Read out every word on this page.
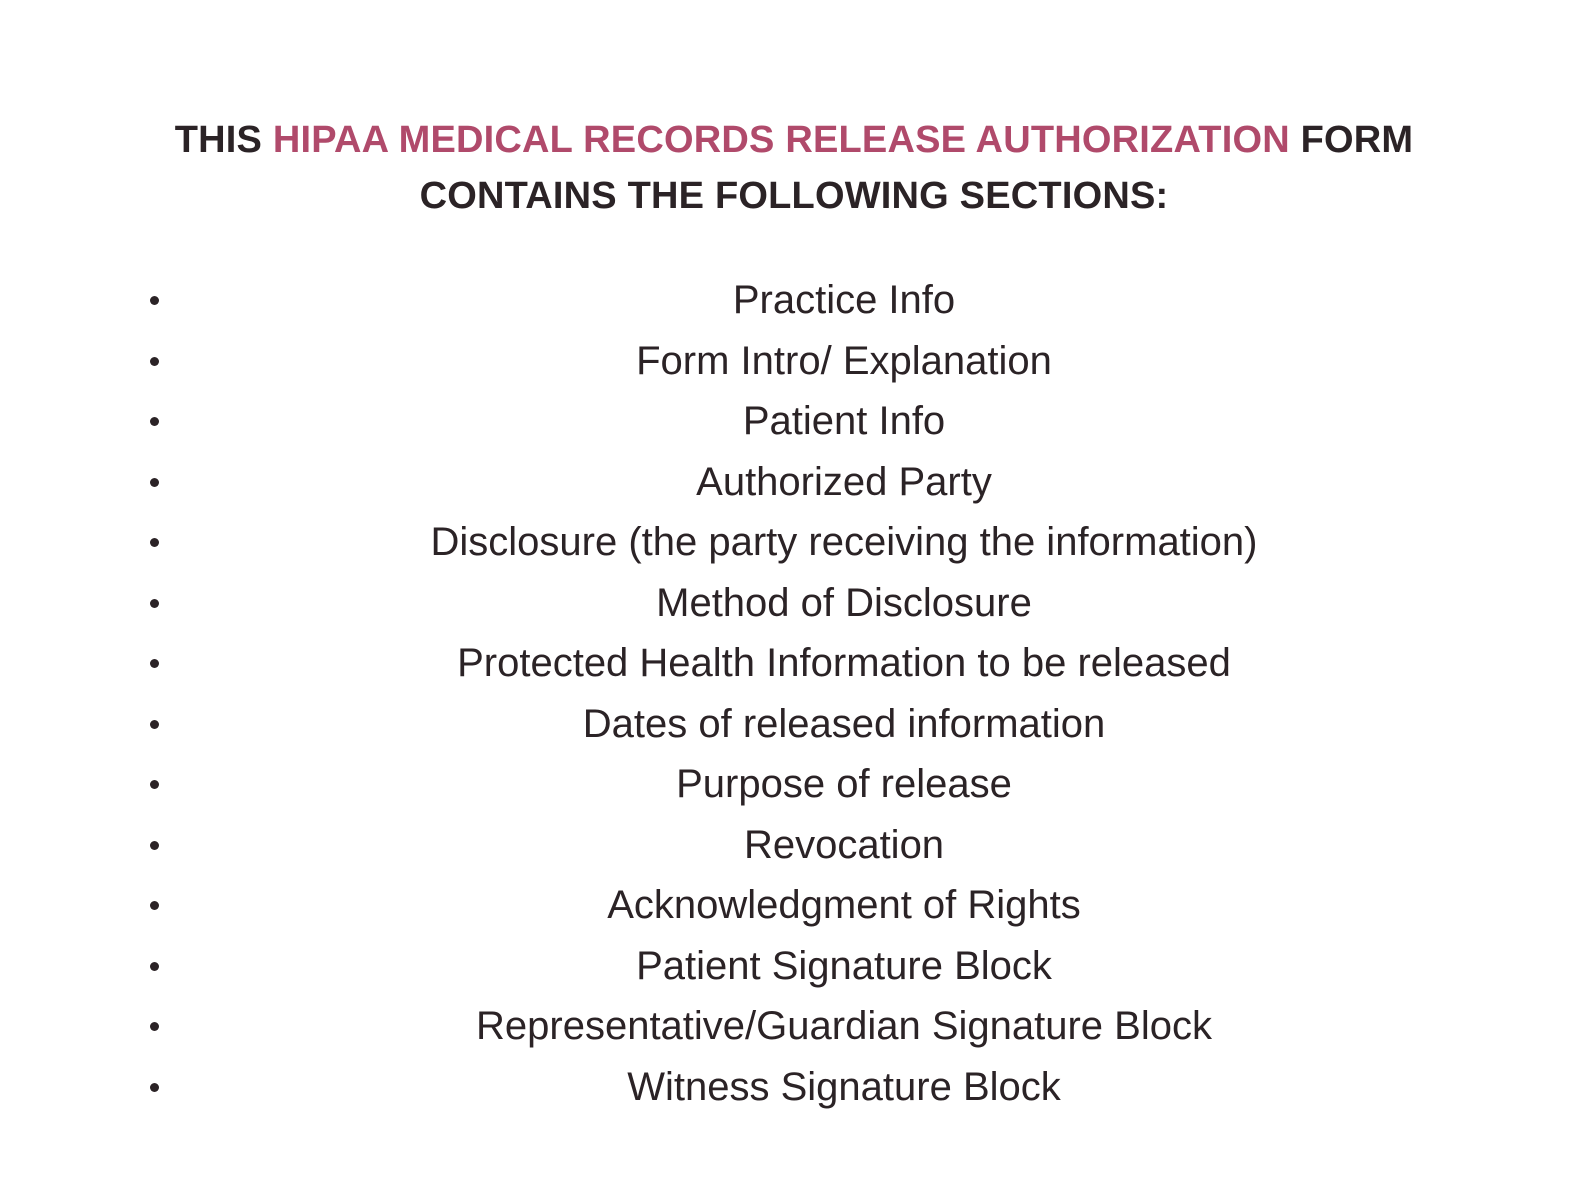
THIS HIPAA MEDICAL RECORDS RELEASE AUTHORIZATION FORM
CONTAINS THE FOLLOWING SECTIONS:
Practice Info
Form Intro/ Explanation
Patient Info
Authorized Party
Disclosure (the party receiving the information)
Method of Disclosure
Protected Health Information to be released
Dates of released information
Purpose of release
Revocation
Acknowledgment of Rights
Patient Signature Block
Representative/Guardian Signature Block
Witness Signature Block
